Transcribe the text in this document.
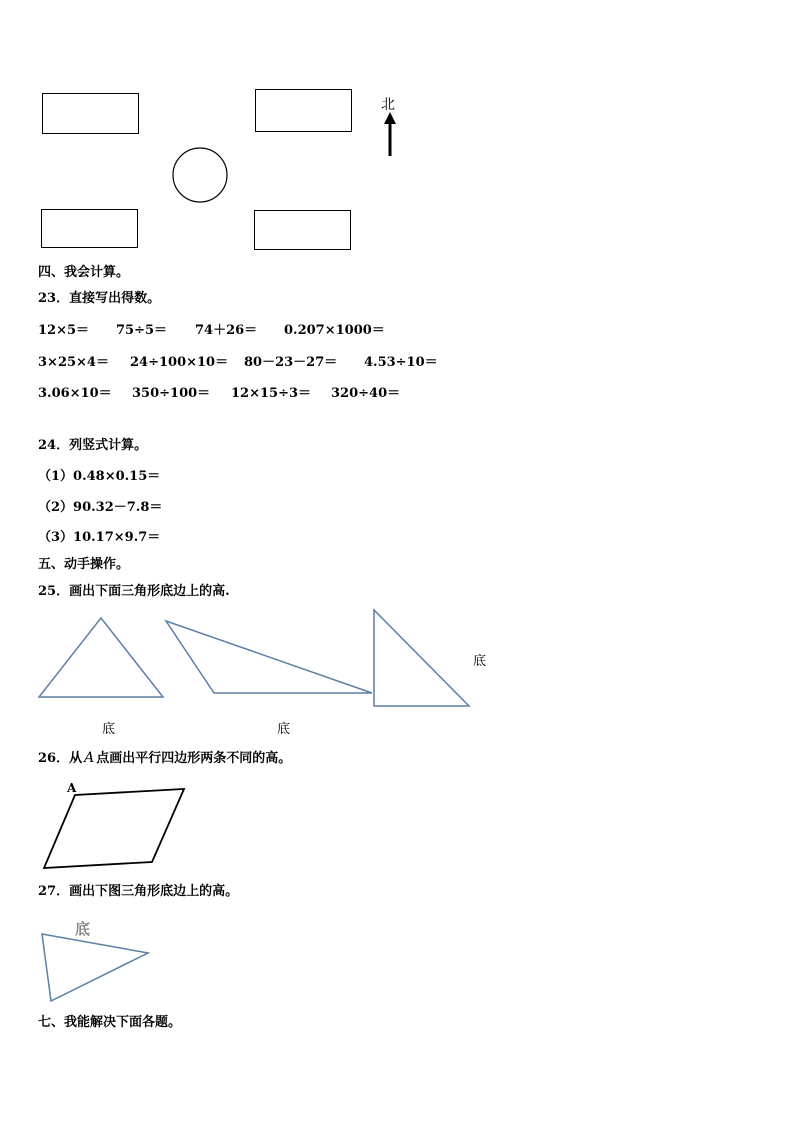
北
四、我会计算。
23．直接写出得数。
12×5＝ 75÷5＝ 74＋26＝ 0.207×1000＝
3×25×4＝ 24÷100×10＝ 80－23－27＝ 4.53÷10＝
3.06×10＝ 350÷100＝ 12×15÷3＝ 320÷40＝
24．列竖式计算。
（1）0.48×0.15＝
（2）90.32－7.8＝
（3）10.17×9.7＝
五、动手操作。
25．画出下面三角形底边上的高.
底	底
底
26．从 A 点画出平行四边形两条不同的高。
A
27．画出下图三角形底边上的高。
底
七、我能解决下面各题。
